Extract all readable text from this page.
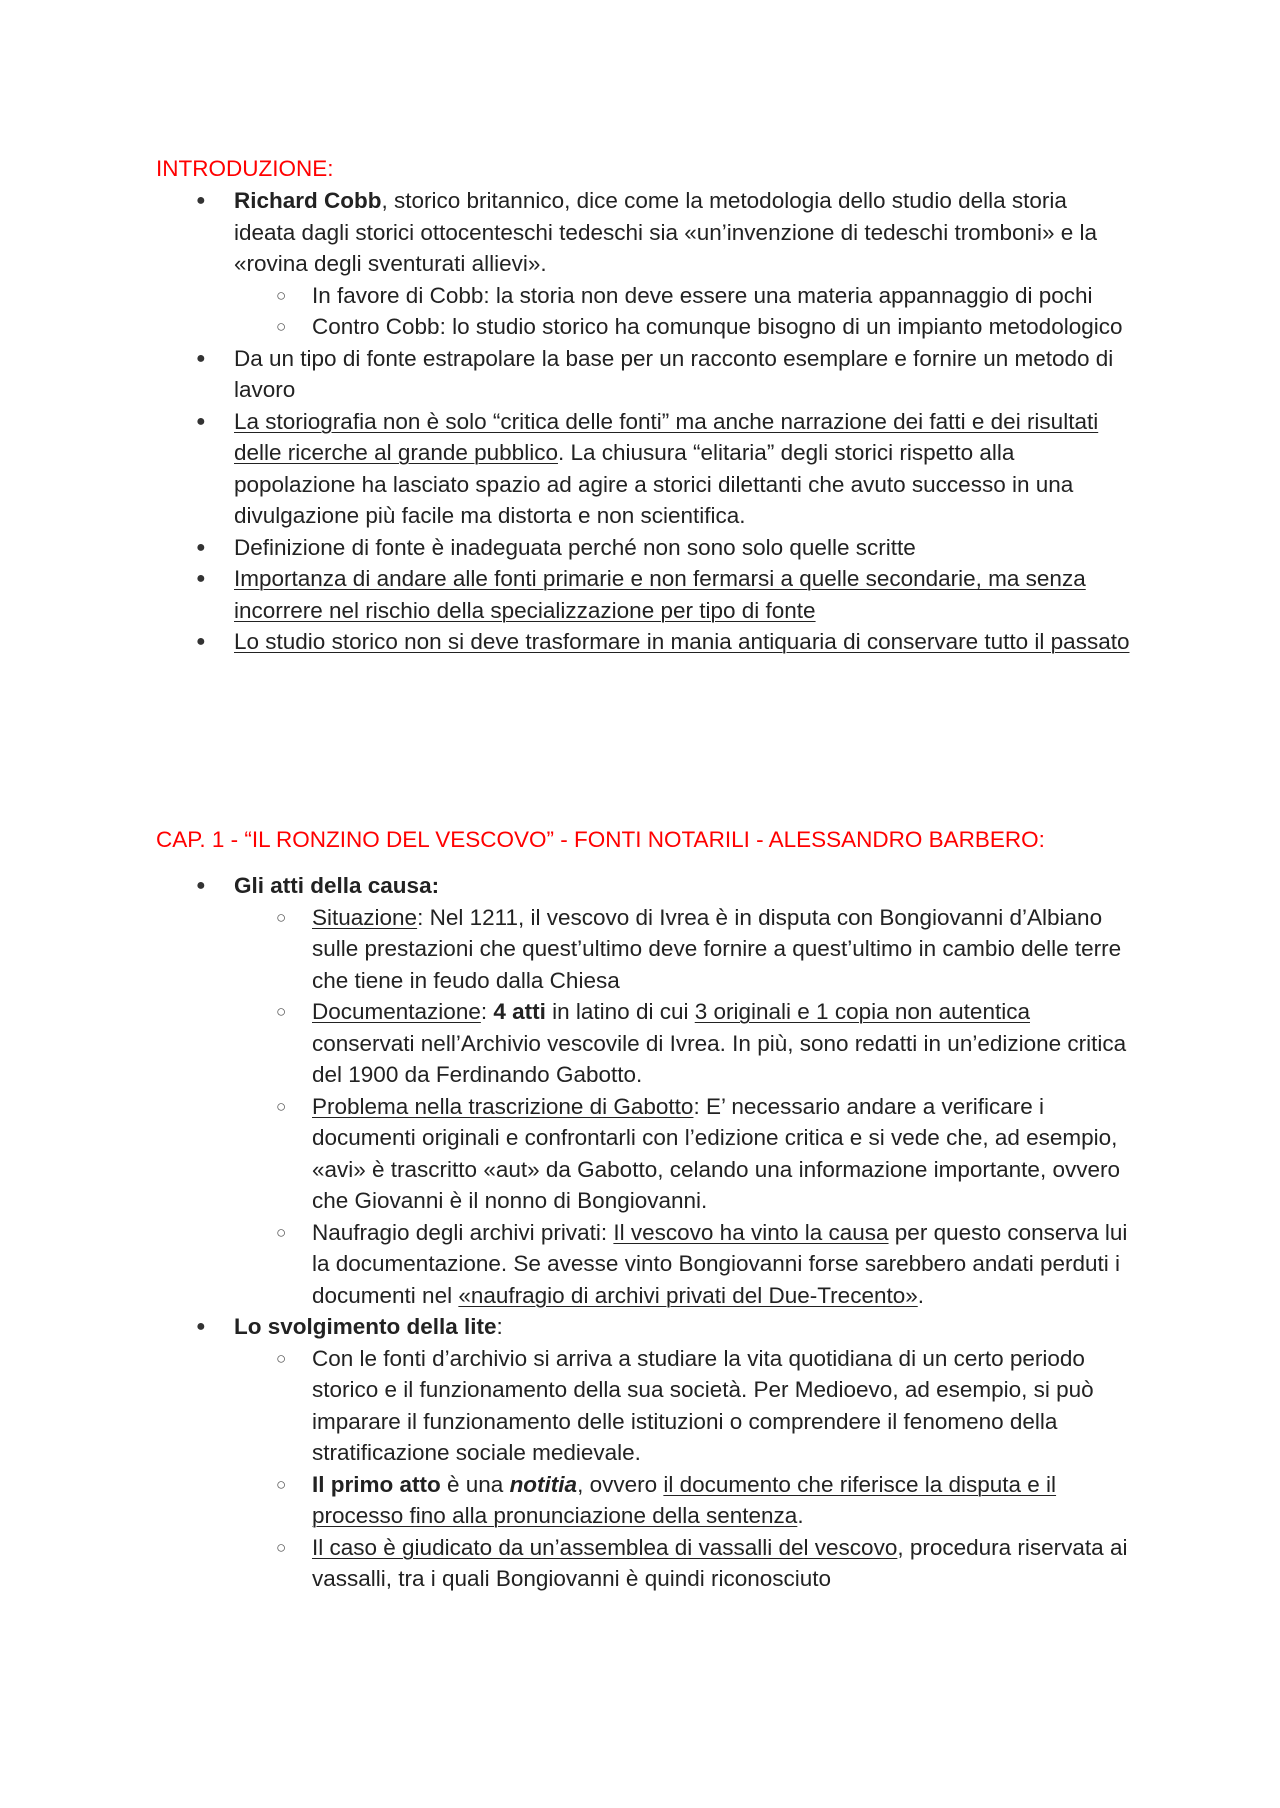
INTRODUZIONE:
● Richard Cobb, storico britannico, dice come la metodologia dello studio della storia ideata dagli storici ottocenteschi tedeschi sia «un’invenzione di tedeschi tromboni» e la «rovina degli sventurati allievi».
○ In favore di Cobb: la storia non deve essere una materia appannaggio di pochi
○ Contro Cobb: lo studio storico ha comunque bisogno di un impianto metodologico
● Da un tipo di fonte estrapolare la base per un racconto esemplare e fornire un metodo di lavoro
● La storiografia non è solo “critica delle fonti” ma anche narrazione dei fatti e dei risultati delle ricerche al grande pubblico. La chiusura “elitaria” degli storici rispetto alla popolazione ha lasciato spazio ad agire a storici dilettanti che avuto successo in una divulgazione più facile ma distorta e non scientifica.
● Definizione di fonte è inadeguata perché non sono solo quelle scritte
● Importanza di andare alle fonti primarie e non fermarsi a quelle secondarie, ma senza incorrere nel rischio della specializzazione per tipo di fonte
● Lo studio storico non si deve trasformare in mania antiquaria di conservare tutto il passato
CAP. 1 - “IL RONZINO DEL VESCOVO” - FONTI NOTARILI - ALESSANDRO BARBERO:
● Gli atti della causa:
○ Situazione: Nel 1211, il vescovo di Ivrea è in disputa con Bongiovanni d’Albiano sulle prestazioni che quest’ultimo deve fornire a quest’ultimo in cambio delle terre che tiene in feudo dalla Chiesa
○ Documentazione: 4 atti in latino di cui 3 originali e 1 copia non autentica conservati nell’Archivio vescovile di Ivrea. In più, sono redatti in un’edizione critica del 1900 da Ferdinando Gabotto.
○ Problema nella trascrizione di Gabotto: E’ necessario andare a verificare i documenti originali e confrontarli con l’edizione critica e si vede che, ad esempio, «avi» è trascritto «aut» da Gabotto, celando una informazione importante, ovvero che Giovanni è il nonno di Bongiovanni.
○ Naufragio degli archivi privati: Il vescovo ha vinto la causa per questo conserva lui la documentazione. Se avesse vinto Bongiovanni forse sarebbero andati perduti i documenti nel «naufragio di archivi privati del Due-Trecento».
● Lo svolgimento della lite:
○ Con le fonti d’archivio si arriva a studiare la vita quotidiana di un certo periodo storico e il funzionamento della sua società. Per Medioevo, ad esempio, si può imparare il funzionamento delle istituzioni o comprendere il fenomeno della stratificazione sociale medievale.
○ Il primo atto è una notitia, ovvero il documento che riferisce la disputa e il processo fino alla pronunciazione della sentenza.
○ Il caso è giudicato da un’assemblea di vassalli del vescovo, procedura riservata ai vassalli, tra i quali Bongiovanni è quindi riconosciuto
